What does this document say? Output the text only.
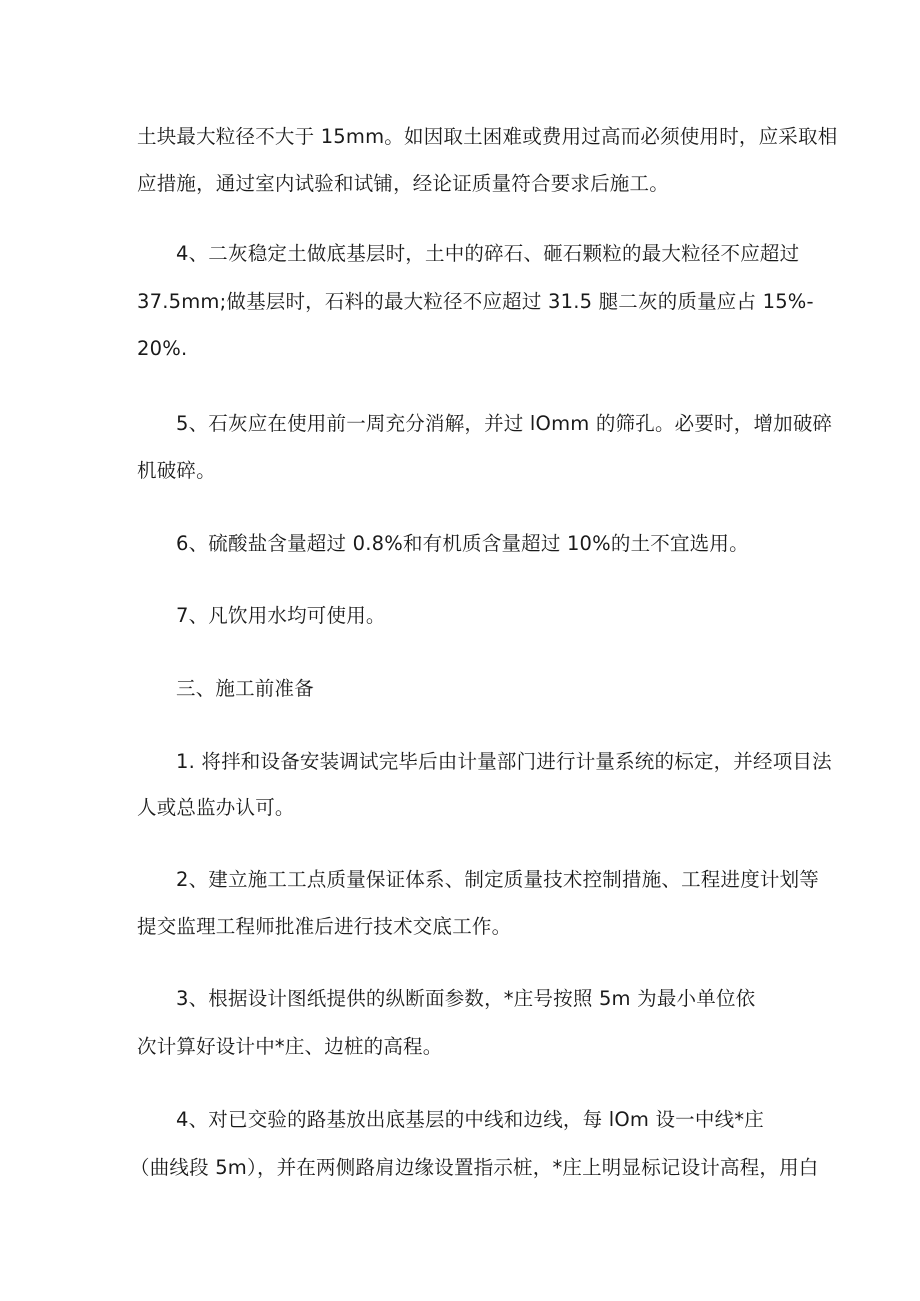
土块最大粒径不大于 15mm。如因取土困难或费用过高而必须使用时，应采取相
应措施，通过室内试验和试铺，经论证质量符合要求后施工。
4、二灰稳定土做底基层时，土中的碎石、砸石颗粒的最大粒径不应超过
37.5mm;做基层时，石料的最大粒径不应超过 31.5 腿二灰的质量应占 15%-
20%.
5、石灰应在使用前一周充分消解，并过 lOmm 的筛孔。必要时，增加破碎
机破碎。
6、硫酸盐含量超过 0.8%和有机质含量超过 10%的土不宜选用。
7、凡饮用水均可使用。
三、施工前准备
1. 将拌和设备安装调试完毕后由计量部门进行计量系统的标定，并经项目法
人或总监办认可。
2、建立施工工点质量保证体系、制定质量技术控制措施、工程进度计划等
提交监理工程师批准后进行技术交底工作。
3、根据设计图纸提供的纵断面参数，*庄号按照 5m 为最小单位依
次计算好设计中*庄、边桩的高程。
4、对已交验的路基放出底基层的中线和边线，每 lOm 设一中线*庄
（曲线段 5m），并在两侧路肩边缘设置指示桩，*庄上明显标记设计高程，用白
